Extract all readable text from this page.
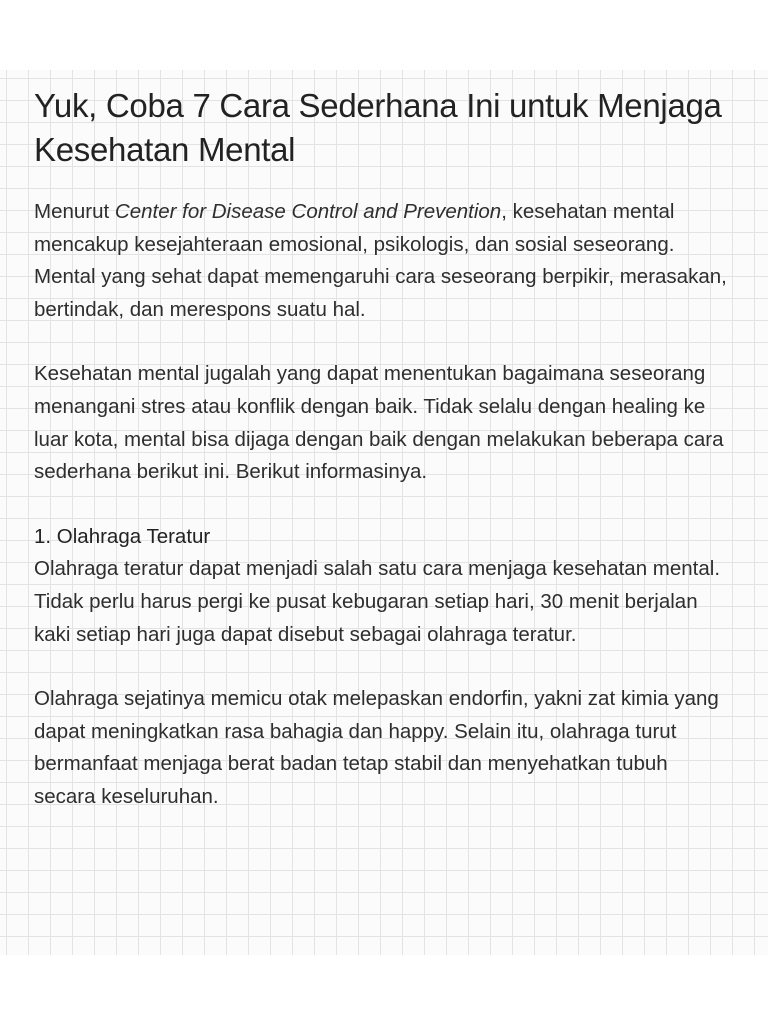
Yuk, Coba 7 Cara Sederhana Ini untuk Menjaga Kesehatan Mental

Menurut Center for Disease Control and Prevention, kesehatan mental mencakup kesejahteraan emosional, psikologis, dan sosial seseorang. Mental yang sehat dapat memengaruhi cara seseorang berpikir, merasakan, bertindak, dan merespons suatu hal.

Kesehatan mental jugalah yang dapat menentukan bagaimana seseorang menangani stres atau konflik dengan baik. Tidak selalu dengan healing ke luar kota, mental bisa dijaga dengan baik dengan melakukan beberapa cara sederhana berikut ini. Berikut informasinya.

1. Olahraga Teratur

Olahraga teratur dapat menjadi salah satu cara menjaga kesehatan mental. Tidak perlu harus pergi ke pusat kebugaran setiap hari, 30 menit berjalan kaki setiap hari juga dapat disebut sebagai olahraga teratur.

Olahraga sejatinya memicu otak melepaskan endorfin, yakni zat kimia yang dapat meningkatkan rasa bahagia dan happy. Selain itu, olahraga turut bermanfaat menjaga berat badan tetap stabil dan menyehatkan tubuh secara keseluruhan.
